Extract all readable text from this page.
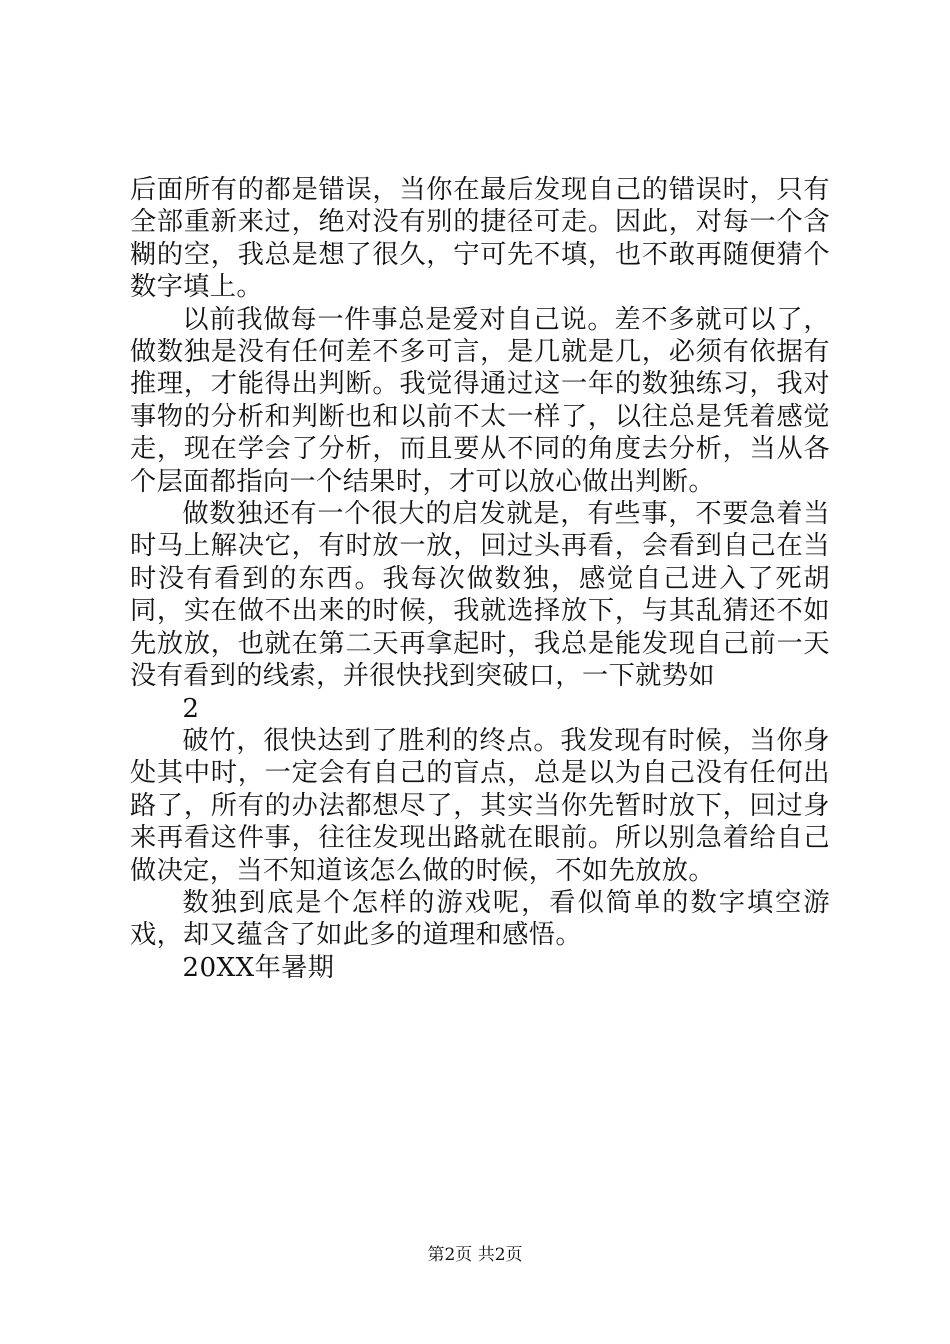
后面所有的都是错误，当你在最后发现自己的错误时，只有全部重新来过，绝对没有别的捷径可走。因此，对每一个含糊的空，我总是想了很久，宁可先不填，也不敢再随便猜个数字填上。

以前我做每一件事总是爱对自己说。差不多就可以了，做数独是没有任何差不多可言，是几就是几，必须有依据有推理，才能得出判断。我觉得通过这一年的数独练习，我对事物的分析和判断也和以前不太一样了，以往总是凭着感觉走，现在学会了分析，而且要从不同的角度去分析，当从各个层面都指向一个结果时，才可以放心做出判断。

做数独还有一个很大的启发就是，有些事，不要急着当时马上解决它，有时放一放，回过头再看，会看到自己在当时没有看到的东西。我每次做数独，感觉自己进入了死胡同，实在做不出来的时候，我就选择放下，与其乱猜还不如先放放，也就在第二天再拿起时，我总是能发现自己前一天没有看到的线索，并很快找到突破口，一下就势如

2

破竹，很快达到了胜利的终点。我发现有时候，当你身处其中时，一定会有自己的盲点，总是以为自己没有任何出路了，所有的办法都想尽了，其实当你先暂时放下，回过身来再看这件事，往往发现出路就在眼前。所以别急着给自己做决定，当不知道该怎么做的时候，不如先放放。

数独到底是个怎样的游戏呢，看似简单的数字填空游戏，却又蕴含了如此多的道理和感悟。

20XX年暑期

第2页 共2页
